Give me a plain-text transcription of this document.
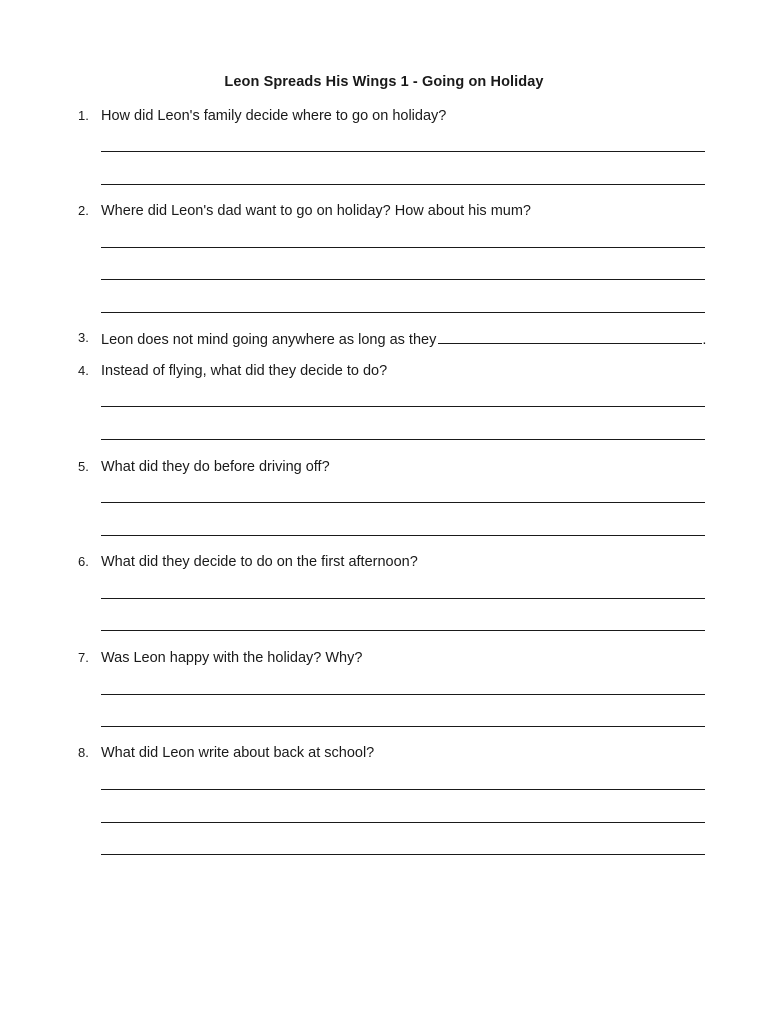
Leon Spreads His Wings 1 - Going on Holiday
1. How did Leon's family decide where to go on holiday?
2. Where did Leon's dad want to go on holiday? How about his mum?
3. Leon does not mind going anywhere as long as they	.
4. Instead of flying, what did they decide to do?
5. What did they do before driving off?
6. What did they decide to do on the first afternoon?
7. Was Leon happy with the holiday? Why?
8. What did Leon write about back at school?
